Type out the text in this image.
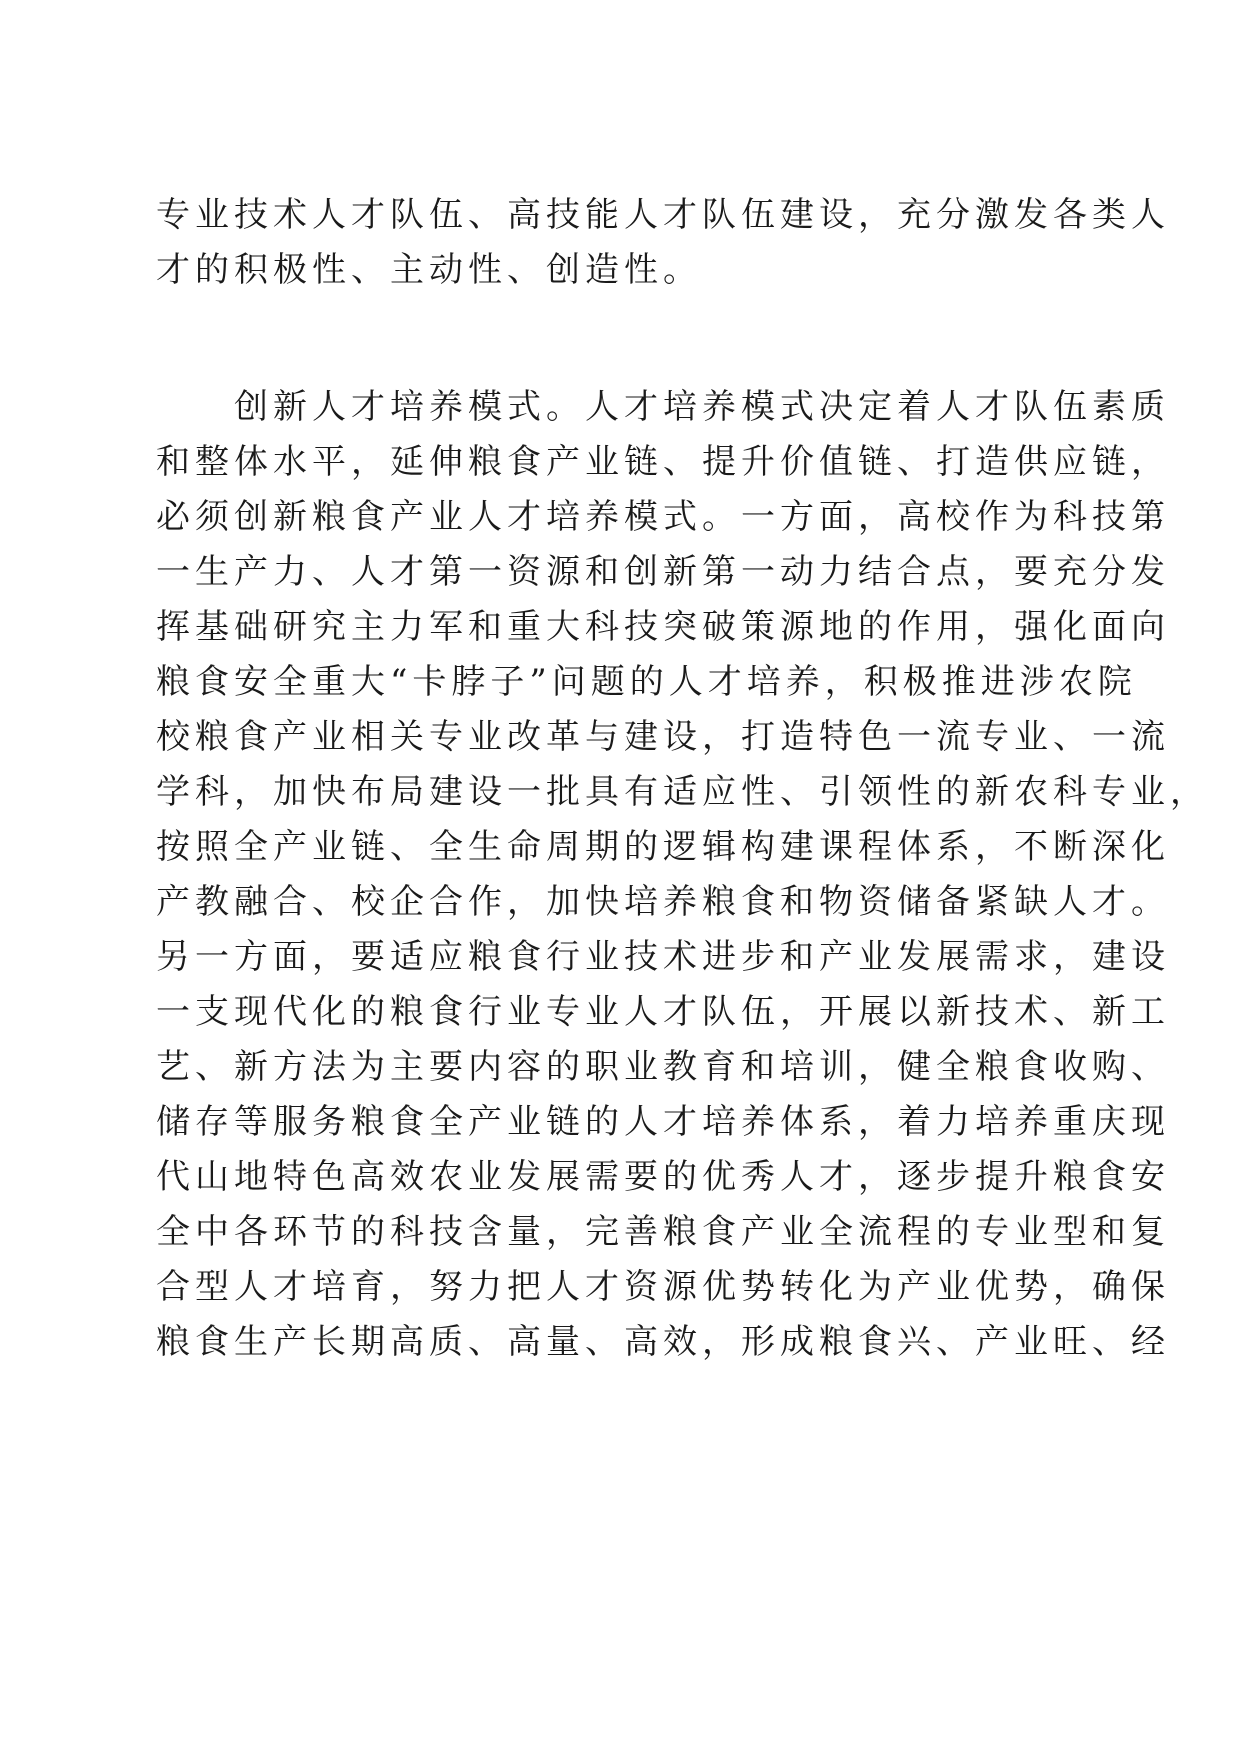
专业技术人才队伍、高技能人才队伍建设，充分激发各类人
才的积极性、主动性、创造性。
　　创新人才培养模式。人才培养模式决定着人才队伍素质
和整体水平，延伸粮食产业链、提升价值链、打造供应链，
必须创新粮食产业人才培养模式。一方面，高校作为科技第
一生产力、人才第一资源和创新第一动力结合点，要充分发
挥基础研究主力军和重大科技突破策源地的作用，强化面向
粮食安全重大“卡脖子”问题的人才培养，积极推进涉农院
校粮食产业相关专业改革与建设，打造特色一流专业、一流
学科，加快布局建设一批具有适应性、引领性的新农科专业，
按照全产业链、全生命周期的逻辑构建课程体系，不断深化
产教融合、校企合作，加快培养粮食和物资储备紧缺人才。
另一方面，要适应粮食行业技术进步和产业发展需求，建设
一支现代化的粮食行业专业人才队伍，开展以新技术、新工
艺、新方法为主要内容的职业教育和培训，健全粮食收购、
储存等服务粮食全产业链的人才培养体系，着力培养重庆现
代山地特色高效农业发展需要的优秀人才，逐步提升粮食安
全中各环节的科技含量，完善粮食产业全流程的专业型和复
合型人才培育，努力把人才资源优势转化为产业优势，确保
粮食生产长期高质、高量、高效，形成粮食兴、产业旺、经
